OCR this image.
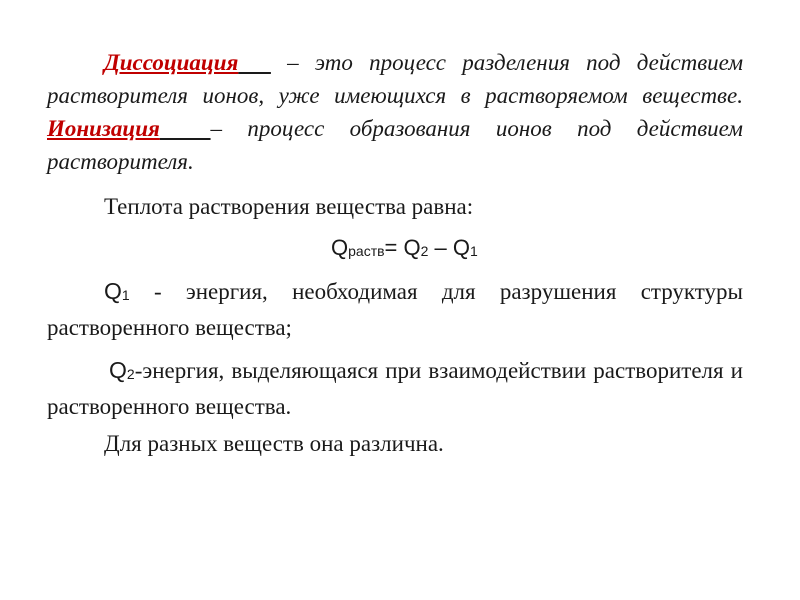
Диссоциация – это процесс разделения под действием растворителя ионов, уже имеющихся в растворяемом веществе. Ионизация – процесс образования ионов под действием растворителя.

Теплота растворения вещества равна:

Qраств= Q2 – Q1

Q1 - энергия, необходимая для разрушения структуры растворенного вещества;

Q2-энергия, выделяющаяся при взаимодействии растворителя и растворенного вещества.

Для разных веществ она различна.
